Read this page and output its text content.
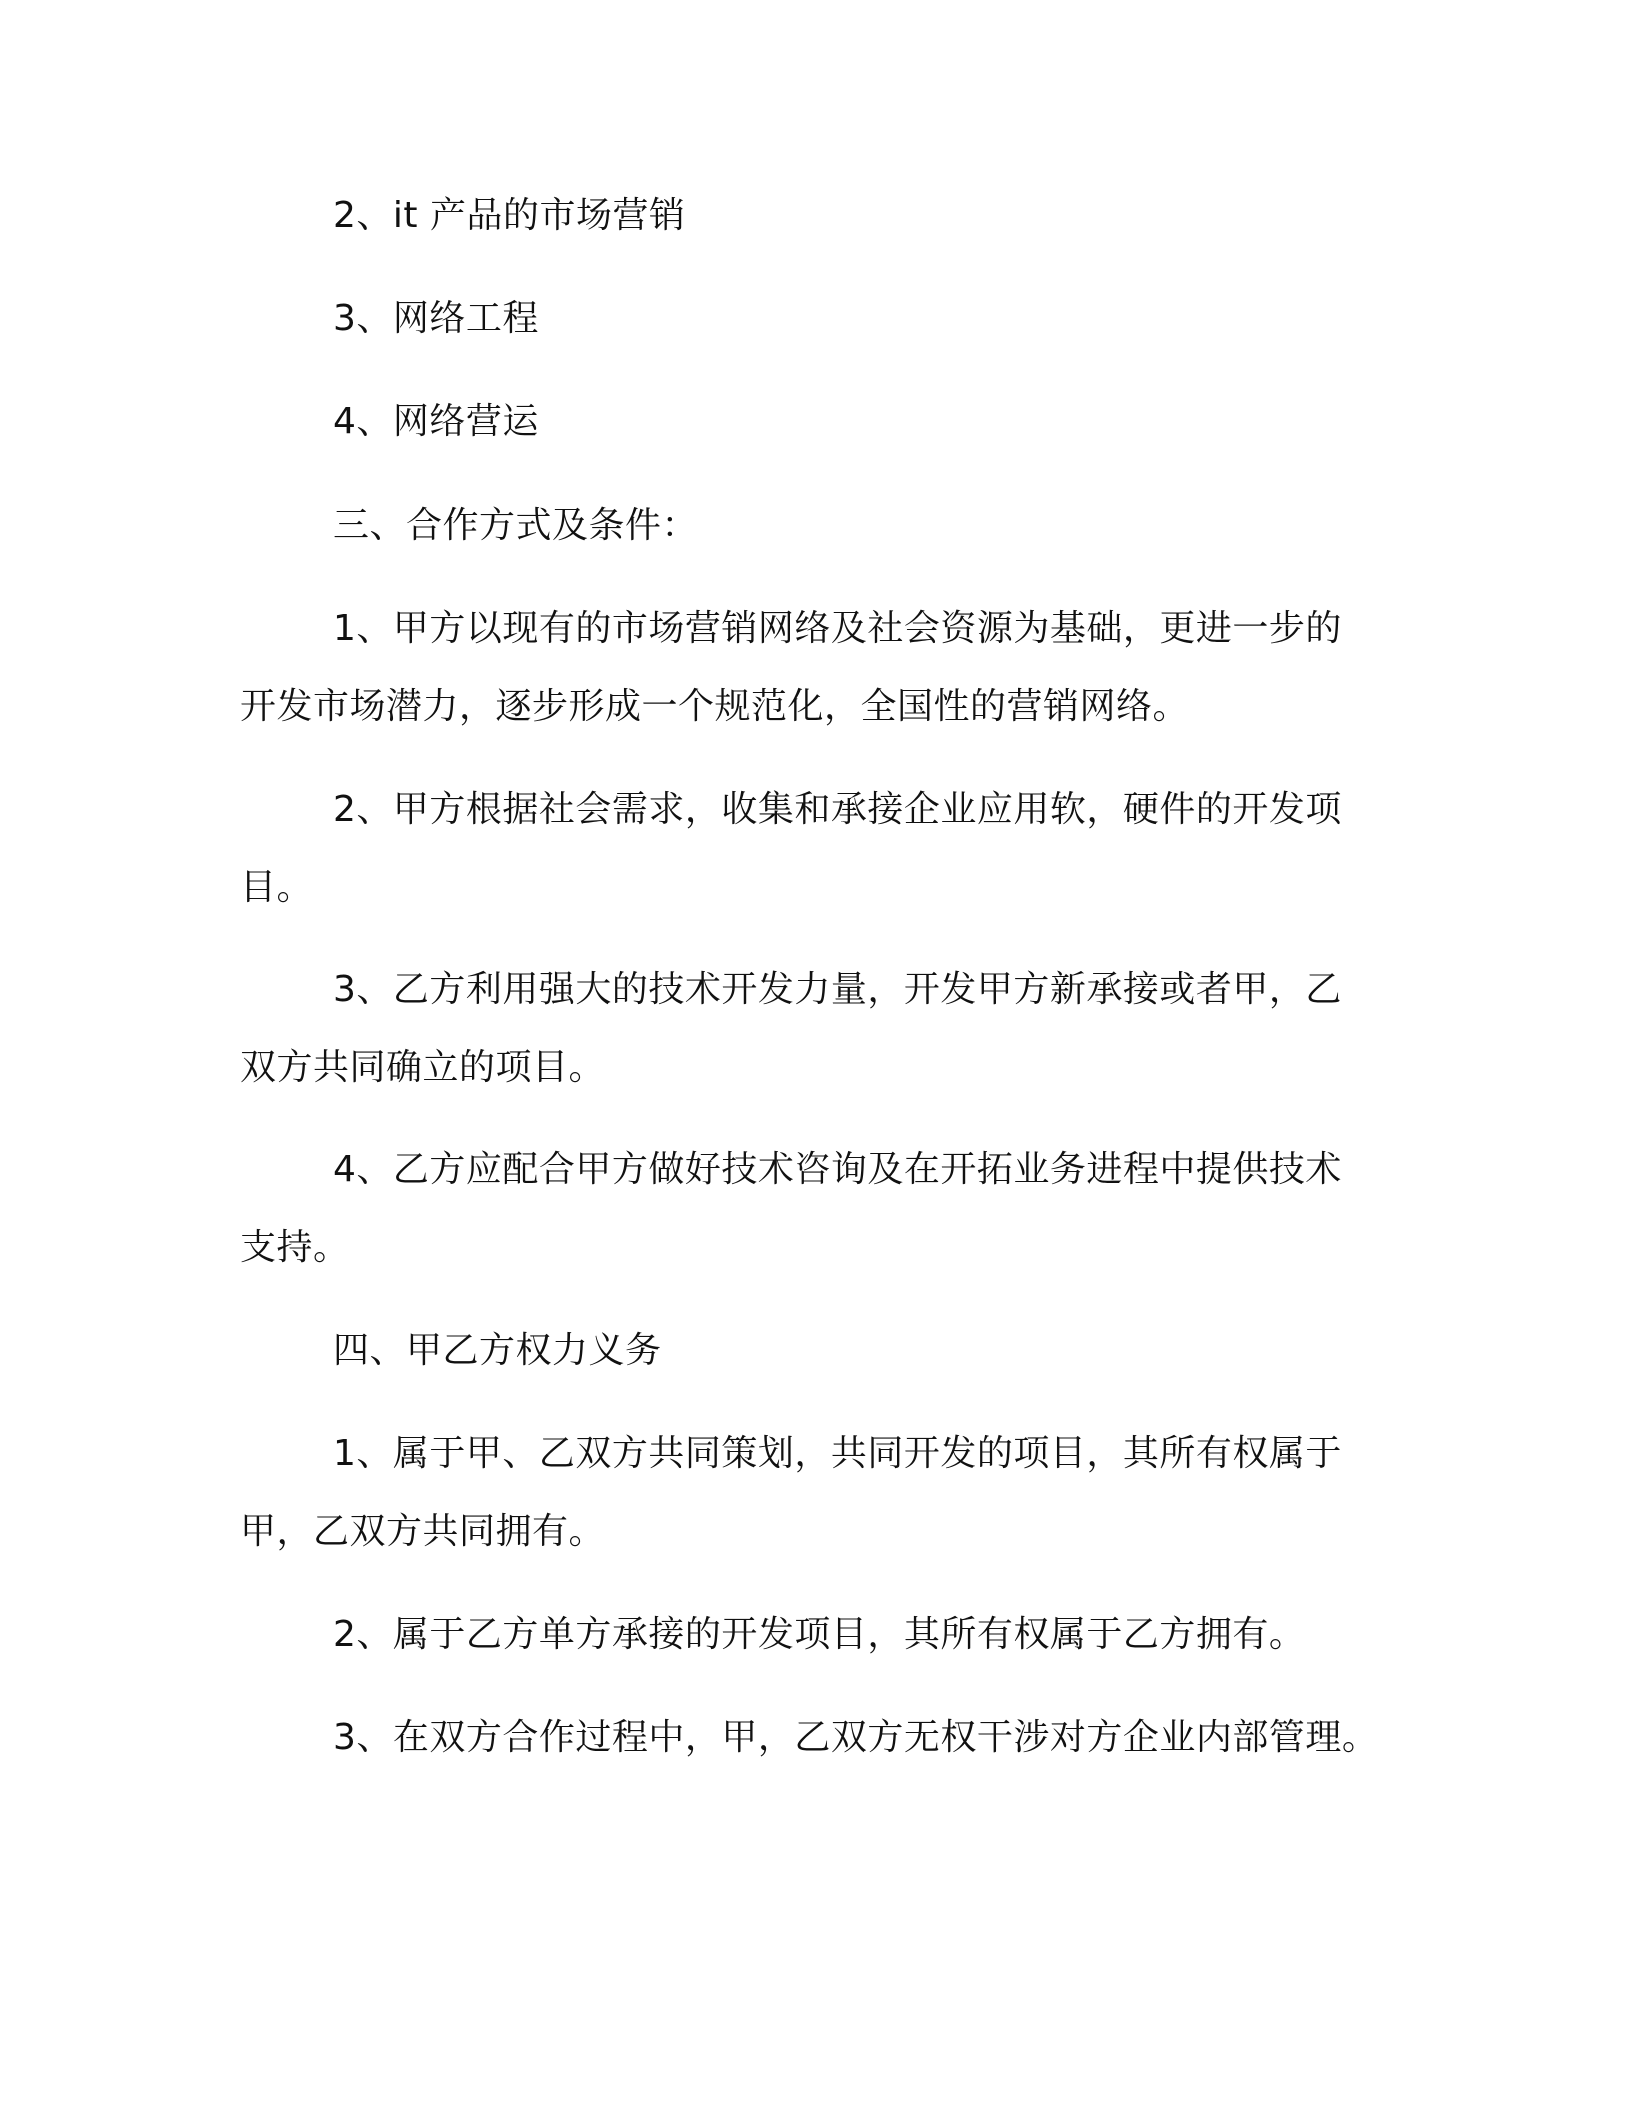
2、it 产品的市场营销

3、网络工程

4、网络营运

三、合作方式及条件：

1、甲方以现有的市场营销网络及社会资源为基础，更进一步的

开发市场潜力，逐步形成一个规范化，全国性的营销网络。

2、甲方根据社会需求，收集和承接企业应用软，硬件的开发项

目。

3、乙方利用强大的技术开发力量，开发甲方新承接或者甲，乙

双方共同确立的项目。

4、乙方应配合甲方做好技术咨询及在开拓业务进程中提供技术

支持。

四、甲乙方权力义务

1、属于甲、乙双方共同策划，共同开发的项目，其所有权属于

甲，乙双方共同拥有。

2、属于乙方单方承接的开发项目，其所有权属于乙方拥有。

3、在双方合作过程中，甲，乙双方无权干涉对方企业内部管理。
